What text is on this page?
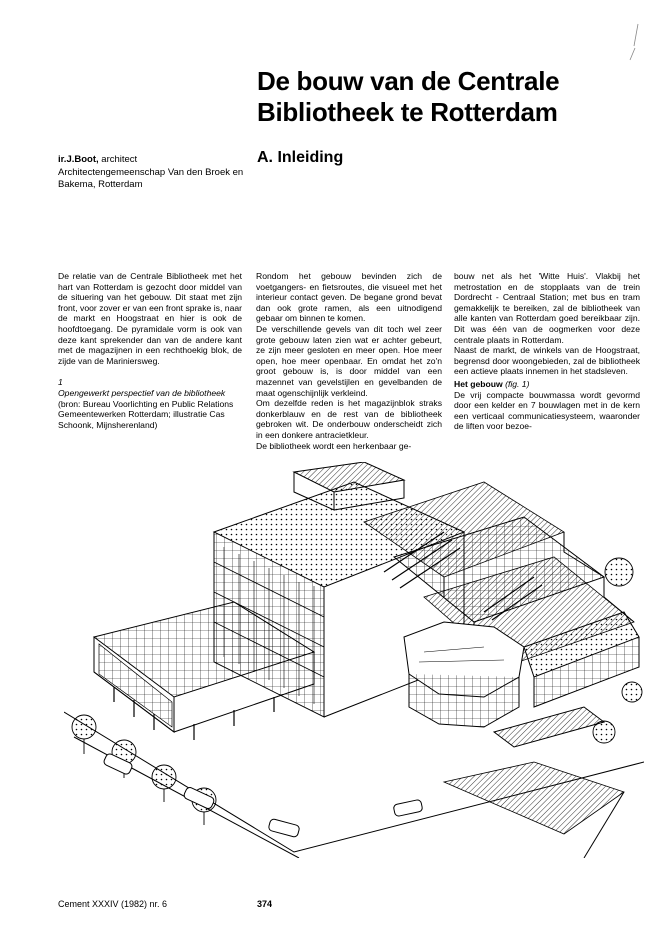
De bouw van de Centrale
Bibliotheek te Rotterdam
ir.J.Boot, architect
Architectengemeenschap Van den Broek en
Bakema, Rotterdam
A. Inleiding

De relatie van de Centrale Bibliotheek met het hart van Rotterdam is gezocht door middel van de situering van het gebouw. Dit staat met zijn front, voor zover er van een front sprake is, naar de markt en Hoogstraat en hier is ook de hoofdtoegang. De pyramidale vorm is ook van deze kant sprekender dan van de andere kant met de magazijnen in een rechthoekig blok, de zijde van de Mariniersweg.

1
Opengewerkt perspectief van de bibliotheek
(bron: Bureau Voorlichting en Public Relations Gemeentewerken Rotterdam; illustratie Cas Schoonk, Mijnsherenland)

Rondom het gebouw bevinden zich de voetgangers- en fietsroutes, die visueel met het interieur contact geven. De begane grond bevat dan ook grote ramen, als een uitnodigend gebaar om binnen te komen.

De verschillende gevels van dit toch wel zeer grote gebouw laten zien wat er achter gebeurt, ze zijn meer gesloten en meer open. Hoe meer open, hoe meer openbaar. En omdat het zo'n groot gebouw is, is door middel van een mazennet van gevelstijlen en gevelbanden de maat ogenschijnlijk verkleind.

Om dezelfde reden is het magazijnblok straks donkerblauw en de rest van de bibliotheek gebroken wit. De onderbouw onderscheidt zich in een donkere antracietkleur.

De bibliotheek wordt een herkenbaar ge-

bouw net als het 'Witte Huis'. Vlakbij het metrostation en de stopplaats van de trein Dordrecht - Centraal Station; met bus en tram gemakkelijk te bereiken, zal de bibliotheek van alle kanten van Rotterdam goed bereikbaar zijn. Dit was één van de oogmerken voor deze centrale plaats in Rotterdam.

Naast de markt, de winkels van de Hoogstraat, begrensd door woongebieden, zal de bibliotheek een actieve plaats innemen in het stadsleven.

Het gebouw (fig. 1)

De vrij compacte bouwmassa wordt gevormd door een kelder en 7 bouwlagen met in de kern een verticaal communicatiesysteem, waaronder de liften voor bezoe-

Cement XXXIV (1982) nr. 6	374
